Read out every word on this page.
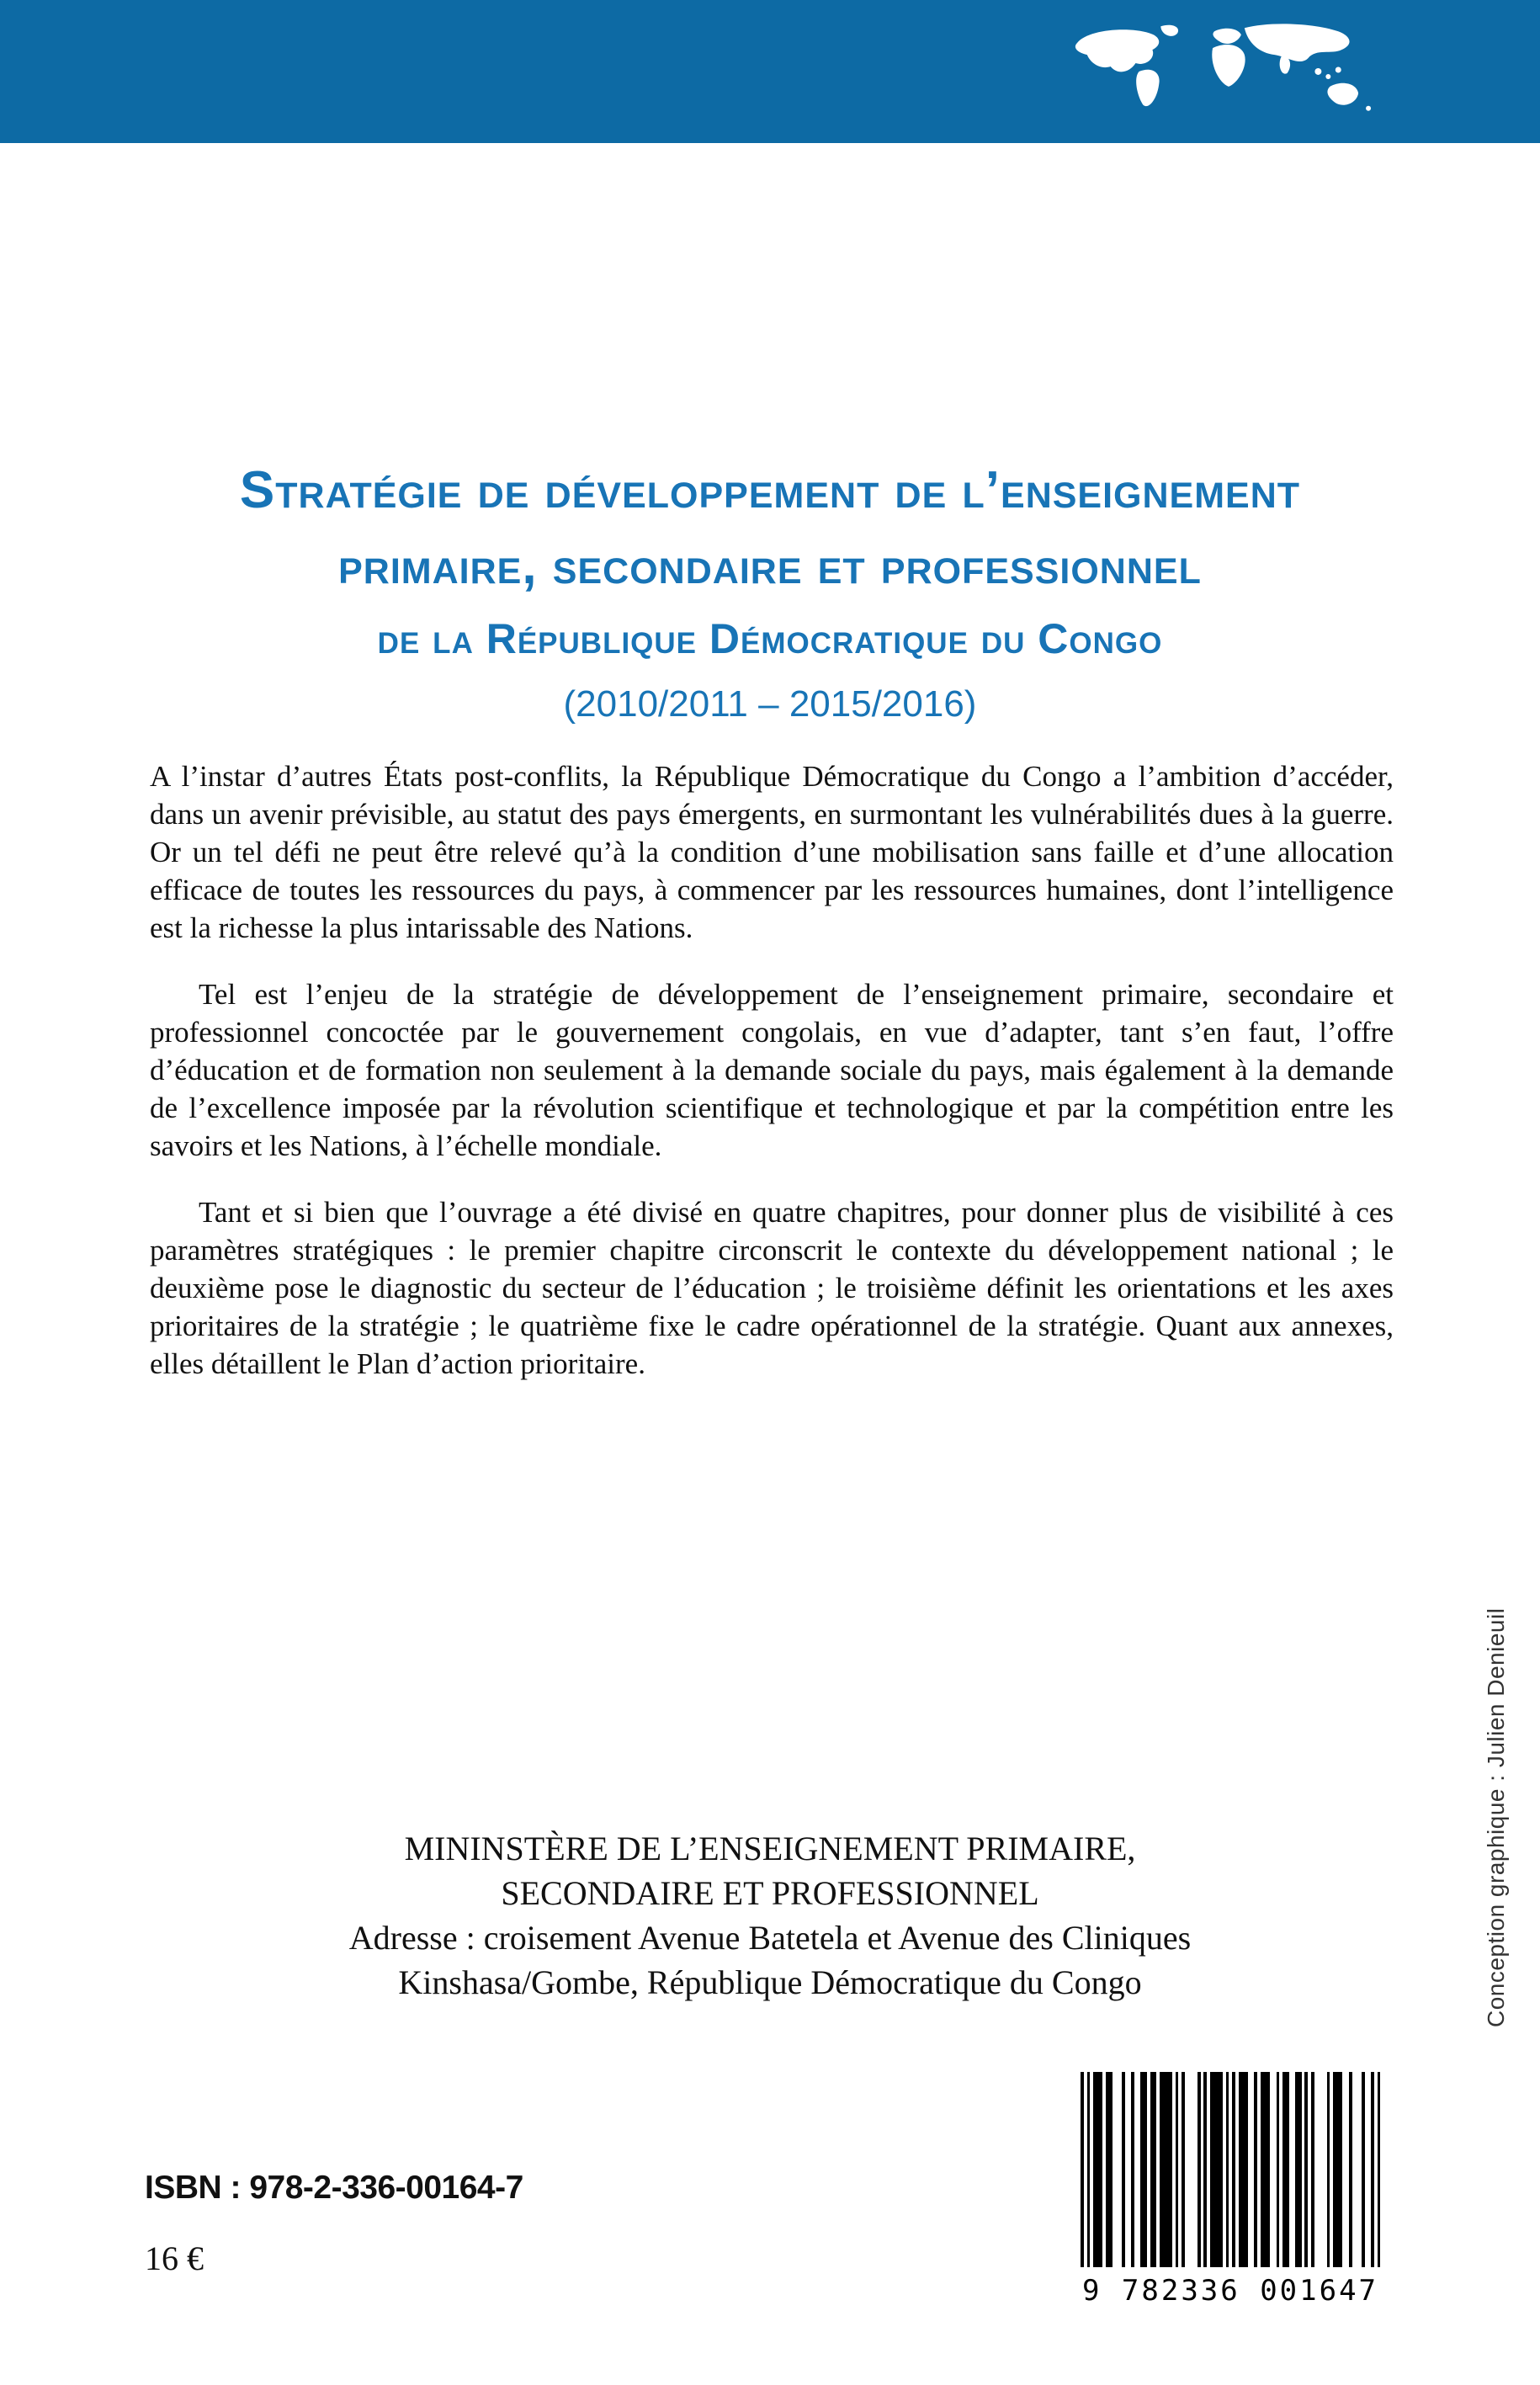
Stratégie de développement de l’enseignement
primaire, secondaire et professionnel
de la République Démocratique du Congo
(2010/2011 – 2015/2016)

A l’instar d’autres États post-conflits, la République Démocratique du Congo a l’ambition d’accéder, dans un avenir prévisible, au statut des pays émergents, en surmontant les vulnérabilités dues à la guerre. Or un tel défi ne peut être relevé qu’à la condition d’une mobilisation sans faille et d’une allocation efficace de toutes les ressources du pays, à commencer par les ressources humaines, dont l’intelligence est la richesse la plus intarissable des Nations.

Tel est l’enjeu de la stratégie de développement de l’enseignement primaire, secondaire et professionnel concoctée par le gouvernement congolais, en vue d’adapter, tant s’en faut, l’offre d’éducation et de formation non seulement à la demande sociale du pays, mais également à la demande de l’excellence imposée par la révolution scientifique et technologique et par la compétition entre les savoirs et les Nations, à l’échelle mondiale.

Tant et si bien que l’ouvrage a été divisé en quatre chapitres, pour donner plus de visibilité à ces paramètres stratégiques : le premier chapitre circonscrit le contexte du développement national ; le deuxième pose le diagnostic du secteur de l’éducation ; le troisième définit les orientations et les axes prioritaires de la stratégie ; le quatrième fixe le cadre opérationnel de la stratégie. Quant aux annexes, elles détaillent le Plan d’action prioritaire.

MININSTÈRE DE L’ENSEIGNEMENT PRIMAIRE,
SECONDAIRE ET PROFESSIONNEL
Adresse : croisement Avenue Batetela et Avenue des Cliniques
Kinshasa/Gombe, République Démocratique du Congo	Conception graphique : Julien Denieuil
ISBN : 978-2-336-00164-7
16 €
9 782336 001647
